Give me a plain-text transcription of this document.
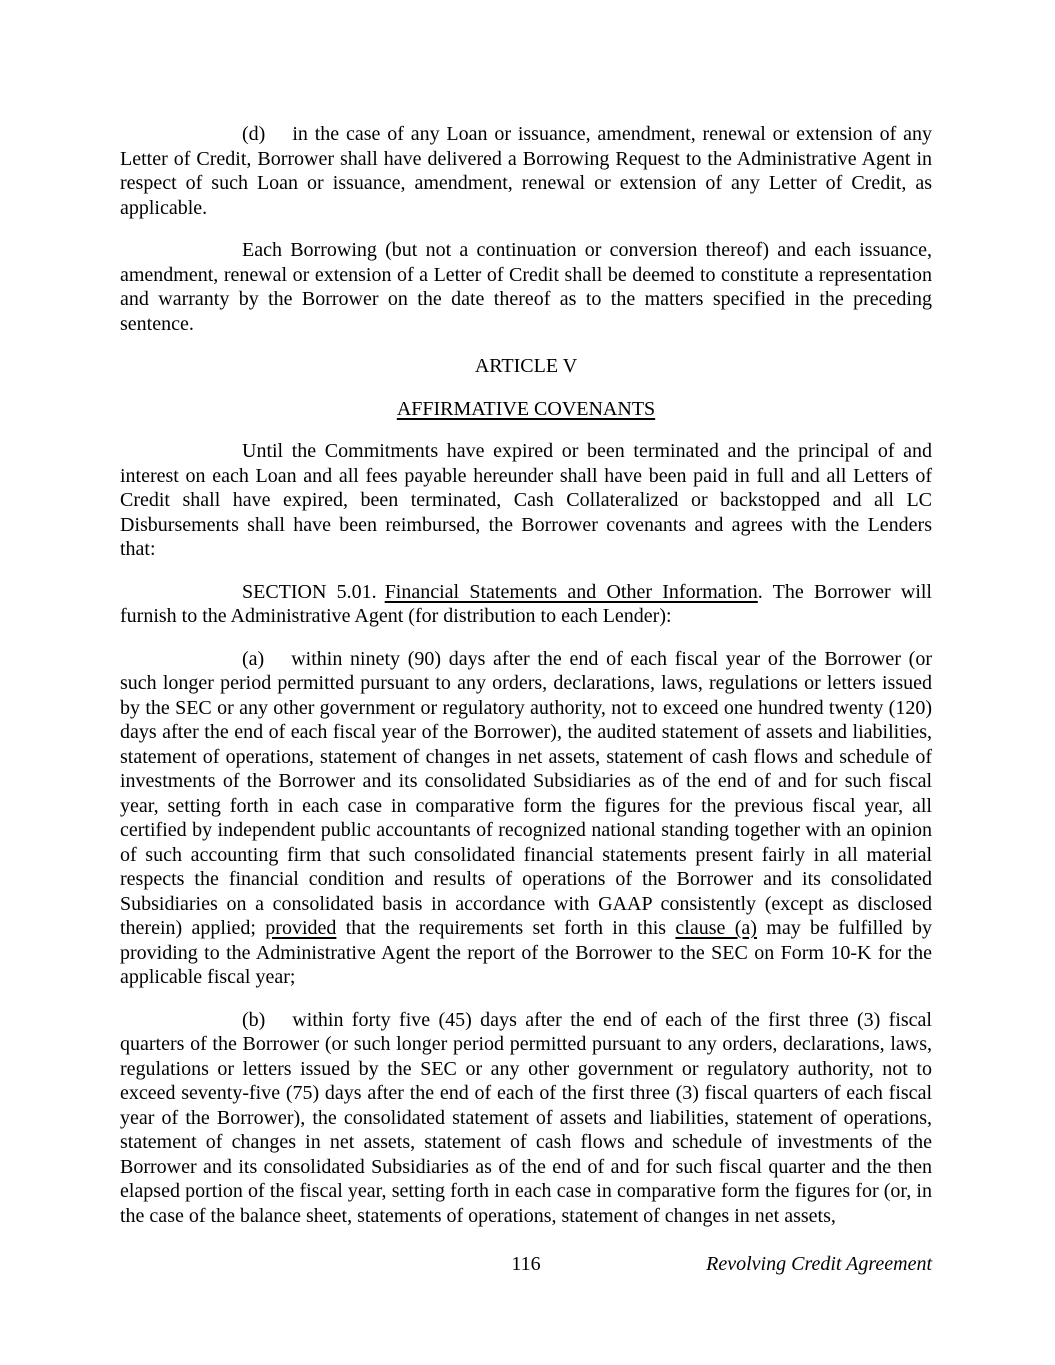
(d) in the case of any Loan or issuance, amendment, renewal or extension of any Letter of Credit, Borrower shall have delivered a Borrowing Request to the Administrative Agent in respect of such Loan or issuance, amendment, renewal or extension of any Letter of Credit, as applicable.

Each Borrowing (but not a continuation or conversion thereof) and each issuance, amendment, renewal or extension of a Letter of Credit shall be deemed to constitute a representation and warranty by the Borrower on the date thereof as to the matters specified in the preceding sentence.

ARTICLE V

AFFIRMATIVE COVENANTS

Until the Commitments have expired or been terminated and the principal of and interest on each Loan and all fees payable hereunder shall have been paid in full and all Letters of Credit shall have expired, been terminated, Cash Collateralized or backstopped and all LC Disbursements shall have been reimbursed, the Borrower covenants and agrees with the Lenders that:

SECTION 5.01. Financial Statements and Other Information. The Borrower will furnish to the Administrative Agent (for distribution to each Lender):

(a) within ninety (90) days after the end of each fiscal year of the Borrower (or such longer period permitted pursuant to any orders, declarations, laws, regulations or letters issued by the SEC or any other government or regulatory authority, not to exceed one hundred twenty (120) days after the end of each fiscal year of the Borrower), the audited statement of assets and liabilities, statement of operations, statement of changes in net assets, statement of cash flows and schedule of investments of the Borrower and its consolidated Subsidiaries as of the end of and for such fiscal year, setting forth in each case in comparative form the figures for the previous fiscal year, all certified by independent public accountants of recognized national standing together with an opinion of such accounting firm that such consolidated financial statements present fairly in all material respects the financial condition and results of operations of the Borrower and its consolidated Subsidiaries on a consolidated basis in accordance with GAAP consistently (except as disclosed therein) applied; provided that the requirements set forth in this clause (a) may be fulfilled by providing to the Administrative Agent the report of the Borrower to the SEC on Form 10-K for the applicable fiscal year;

(b) within forty five (45) days after the end of each of the first three (3) fiscal quarters of the Borrower (or such longer period permitted pursuant to any orders, declarations, laws, regulations or letters issued by the SEC or any other government or regulatory authority, not to exceed seventy-five (75) days after the end of each of the first three (3) fiscal quarters of each fiscal year of the Borrower), the consolidated statement of assets and liabilities, statement of operations, statement of changes in net assets, statement of cash flows and schedule of investments of the Borrower and its consolidated Subsidiaries as of the end of and for such fiscal quarter and the then elapsed portion of the fiscal year, setting forth in each case in comparative form the figures for (or, in the case of the balance sheet, statements of operations, statement of changes in net assets,

116	Revolving Credit Agreement
